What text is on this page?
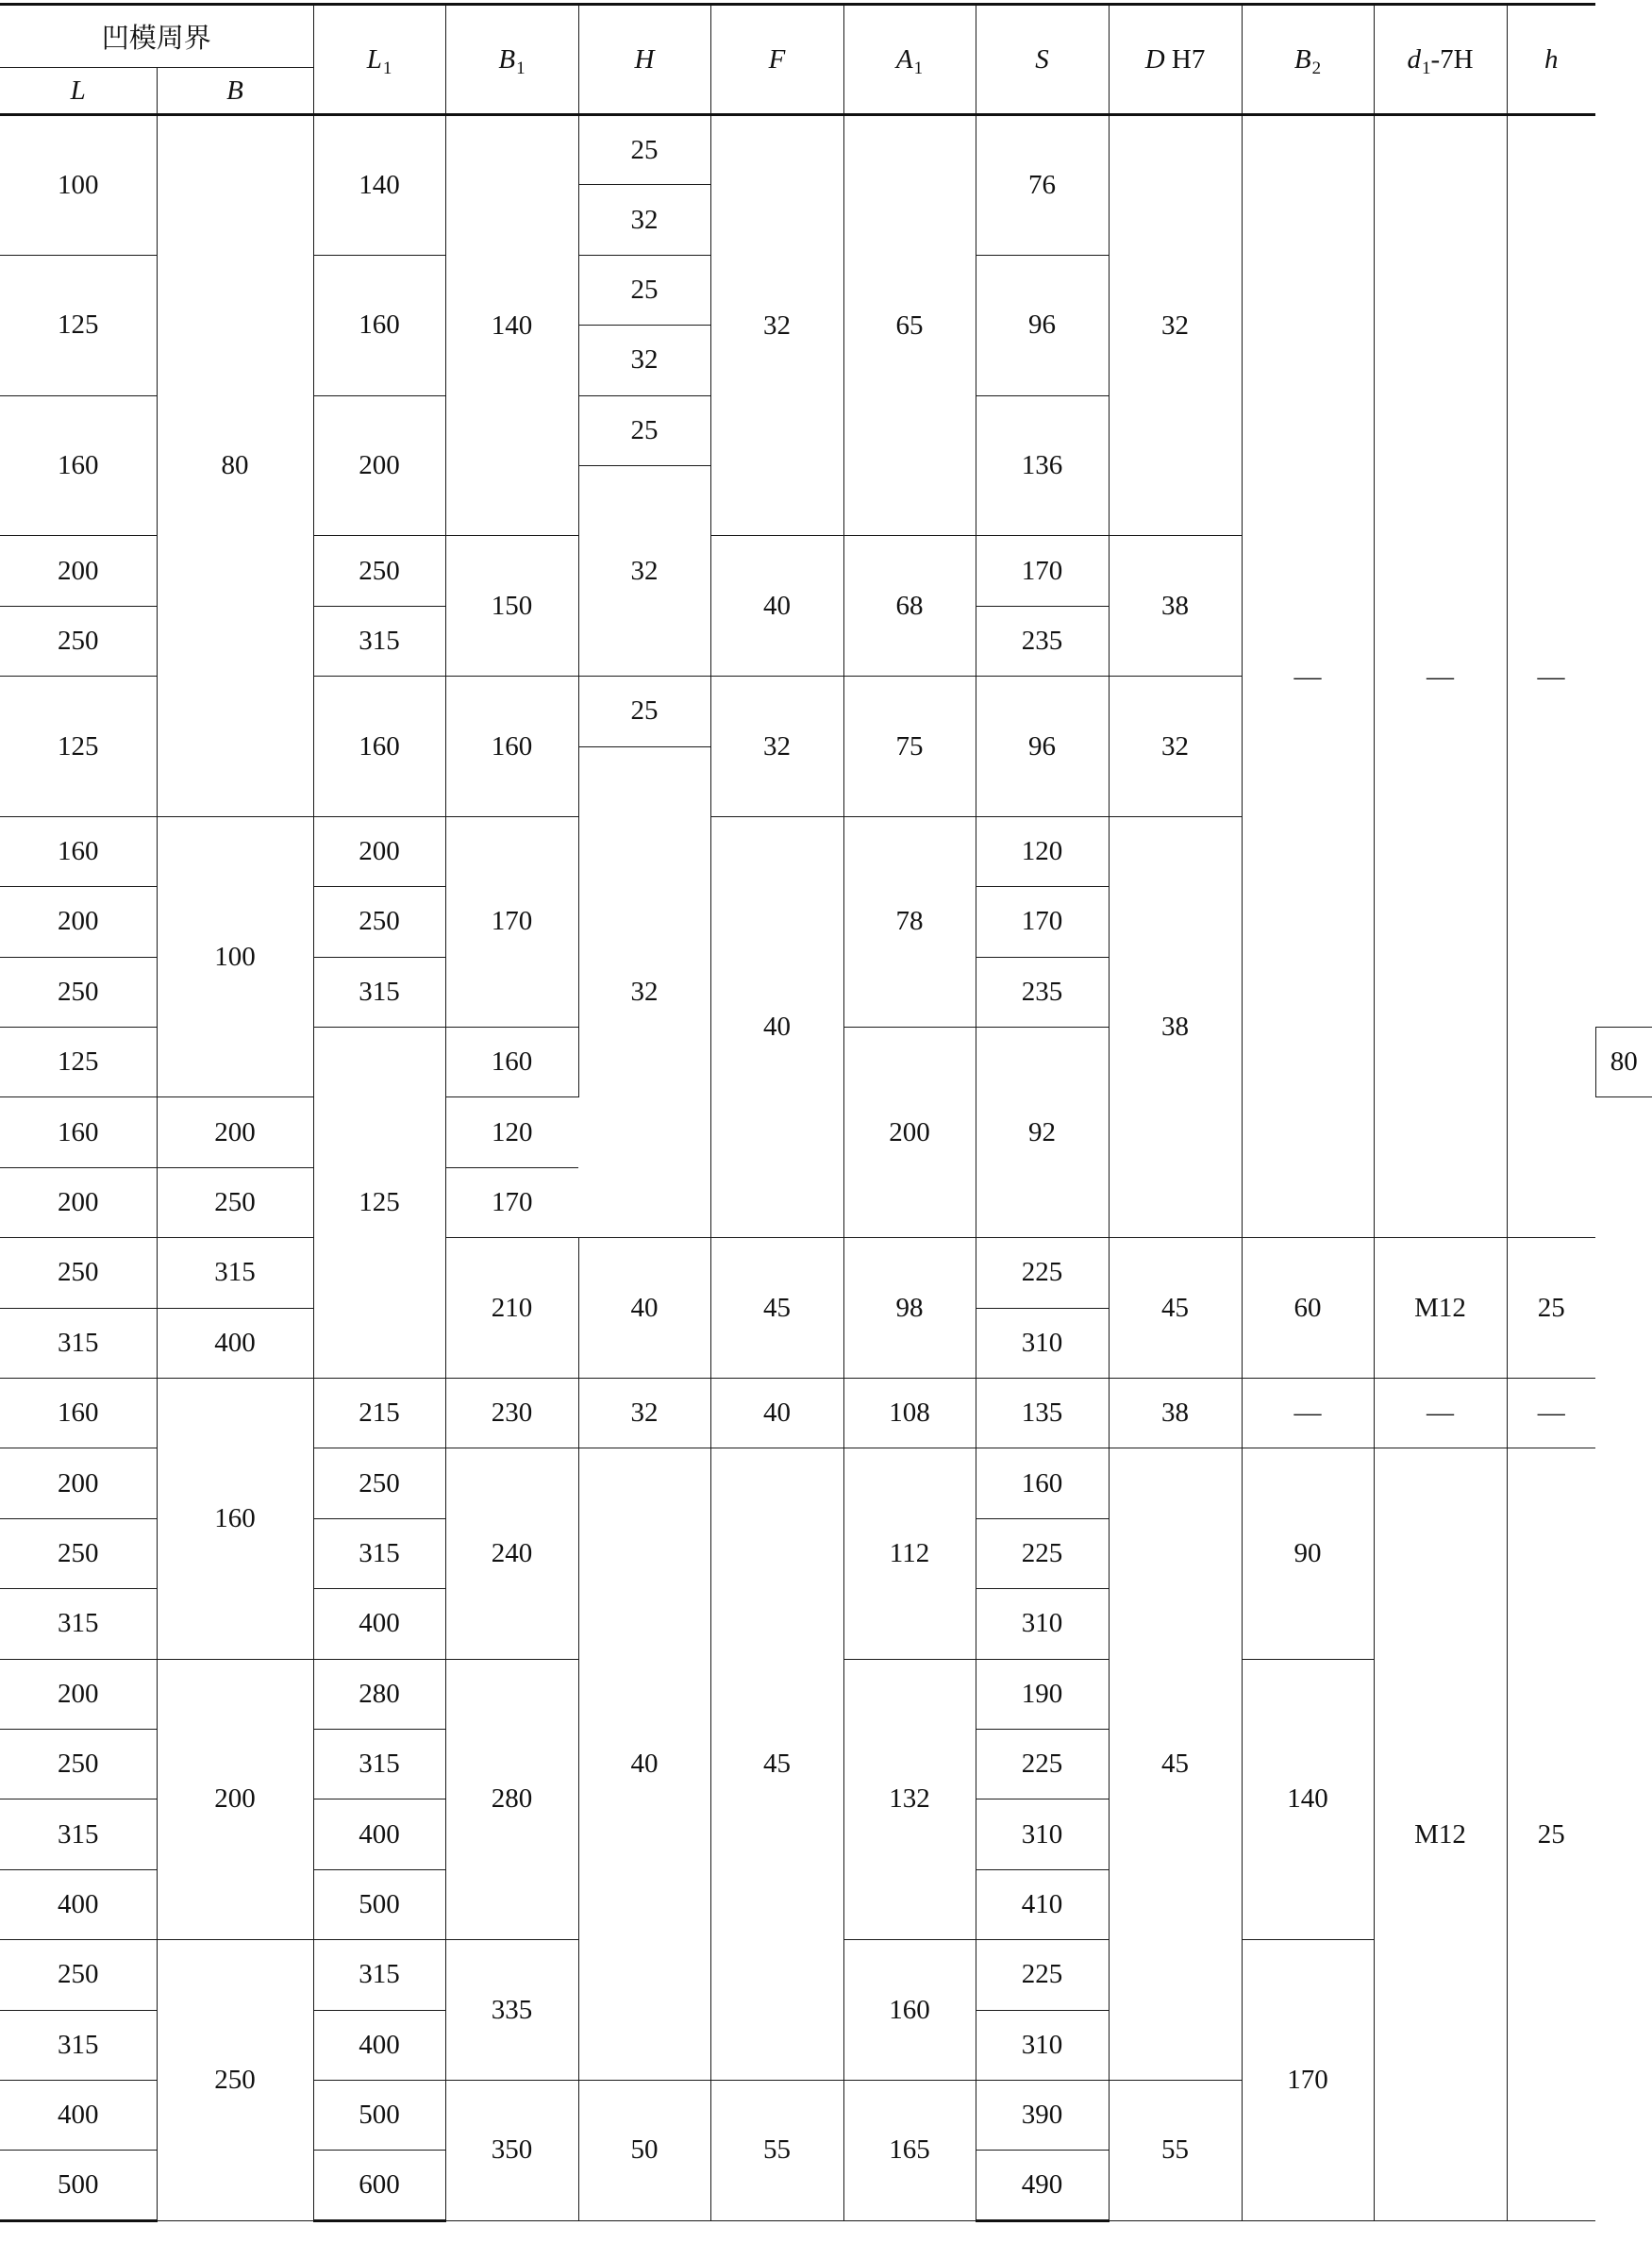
凹模周界		$L_1$	$B_1$	H	F	$A_1$	S	D H7	$B_2$	$d_1-7H$	h	
L	B											
100	80	140	140	25	32	65	76	32	—	—	—	
				32								
125		160		25			96					
				32								
160		200		25			136					
				32								
200		250	150		40	68	170	38				
250		315					235					
125		160	160	25	32	75	96	32				
				32								
160	100	200	170		40	78	120	38				
200		250					170					
250		315					235					
125		125	160			200	92					80
160	200		120									
200	250		170									
250	315		210	40	45	98	225	45	60	M12	25	
315	400						310					
160	160	215	230	32	40	108	135	38	—	—	—	
200		250	240	40	45	112	160	45	90	M12	25	
250		315					225					
315		400					310					
200	200	280	280			132	190		140			
250		315					225					
315		400					310					
400		500					410					
250	250	315	335			160	225		170			
315		400					310					
400		500	350	50	55	165	390	55				
500		600					490					
